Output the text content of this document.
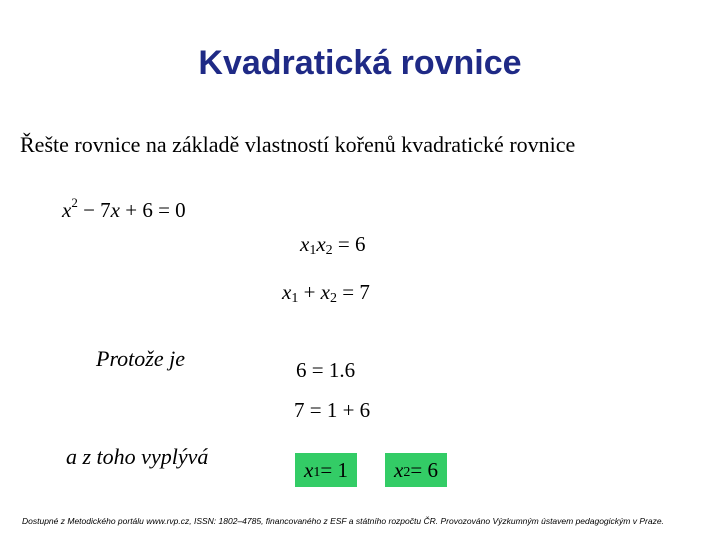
Kvadratická rovnice
Řešte rovnice na základě vlastností kořenů kvadratické rovnice
$x^2 - 7x + 6 = 0$
x1x2 = 6
x1 + x2 = 7
Protože je	6 = 1.6
7 = 1 + 6
a z toho vyplývá
x 1 = 1 x 2 = 6
Dostupné z Metodického portálu www.rvp.cz, ISSN: 1802–4785, financovaného z ESF a státního rozpočtu ČR. Provozováno Výzkumným ústavem pedagogickým v Praze.
